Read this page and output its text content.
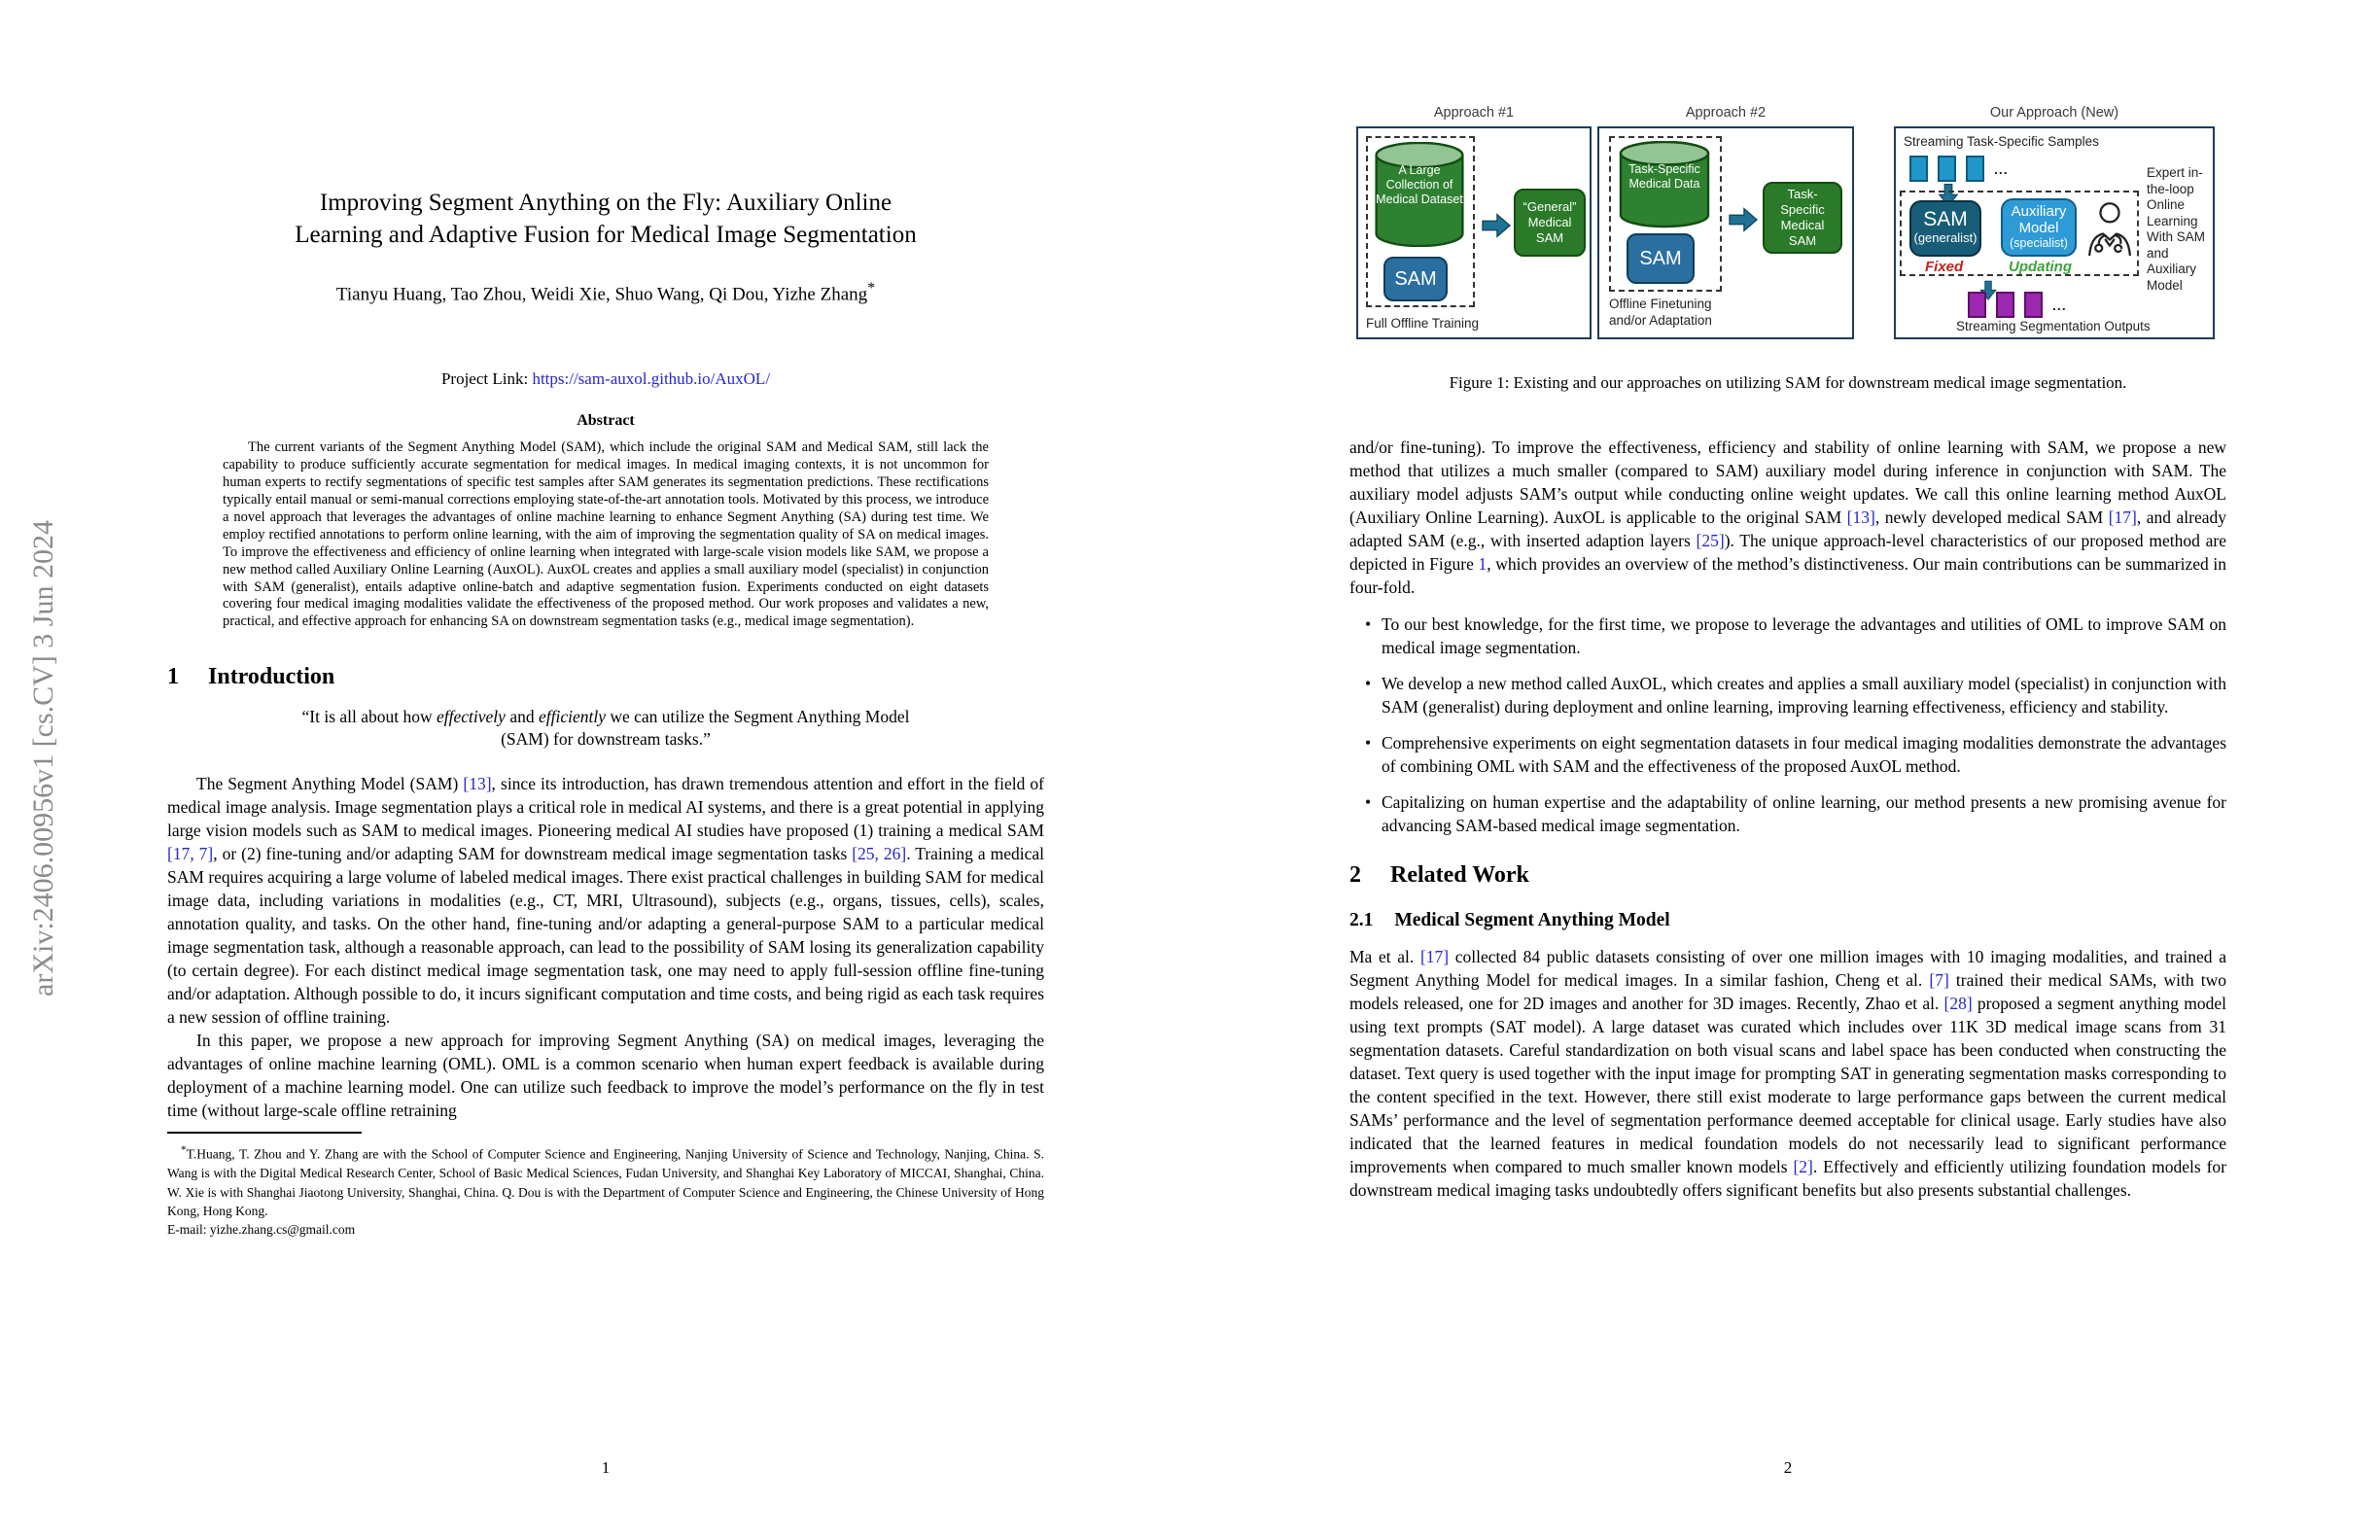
arXiv:2406.00956v1 [cs.CV] 3 Jun 2024
Improving Segment Anything on the Fly: Auxiliary Online
Learning and Adaptive Fusion for Medical Image Segmentation
Tianyu Huang, Tao Zhou, Weidi Xie, Shuo Wang, Qi Dou, Yizhe Zhang*
Project Link: https://sam-auxol.github.io/AuxOL/
Abstract

The current variants of the Segment Anything Model (SAM), which include the original SAM and Medical SAM, still lack the capability to produce sufficiently accurate segmentation for medical images. In medical imaging contexts, it is not uncommon for human experts to rectify segmentations of specific test samples after SAM generates its segmentation predictions. These rectifications typically entail manual or semi-manual corrections employing state-of-the-art annotation tools. Motivated by this process, we introduce a novel approach that leverages the advantages of online machine learning to enhance Segment Anything (SA) during test time. We employ rectified annotations to perform online learning, with the aim of improving the segmentation quality of SA on medical images. To improve the effectiveness and efficiency of online learning when integrated with large-scale vision models like SAM, we propose a new method called Auxiliary Online Learning (AuxOL). AuxOL creates and applies a small auxiliary model (specialist) in conjunction with SAM (generalist), entails adaptive online-batch and adaptive segmentation fusion. Experiments conducted on eight datasets covering four medical imaging modalities validate the effectiveness of the proposed method. Our work proposes and validates a new, practical, and effective approach for enhancing SA on downstream segmentation tasks (e.g., medical image segmentation).

1 Introduction
“It is all about how effectively and efficiently we can utilize the Segment Anything Model
(SAM) for downstream tasks.”

The Segment Anything Model (SAM) [13], since its introduction, has drawn tremendous attention and effort in the field of medical image analysis. Image segmentation plays a critical role in medical AI systems, and there is a great potential in applying large vision models such as SAM to medical images. Pioneering medical AI studies have proposed (1) training a medical SAM [17, 7], or (2) fine-tuning and/or adapting SAM for downstream medical image segmentation tasks [25, 26]. Training a medical SAM requires acquiring a large volume of labeled medical images. There exist practical challenges in building SAM for medical image data, including variations in modalities (e.g., CT, MRI, Ultrasound), subjects (e.g., organs, tissues, cells), scales, annotation quality, and tasks. On the other hand, fine-tuning and/or adapting a general-purpose SAM to a particular medical image segmentation task, although a reasonable approach, can lead to the possibility of SAM losing its generalization capability (to certain degree). For each distinct medical image segmentation task, one may need to apply full-session offline fine-tuning and/or adaptation. Although possible to do, it incurs significant computation and time costs, and being rigid as each task requires a new session of offline training.

In this paper, we propose a new approach for improving Segment Anything (SA) on medical images, leveraging the advantages of online machine learning (OML). OML is a common scenario when human expert feedback is available during deployment of a machine learning model. One can utilize such feedback to improve the model’s performance on the fly in test time (without large-scale offline retraining

*T.Huang, T. Zhou and Y. Zhang are with the School of Computer Science and Engineering, Nanjing University of Science and Technology, Nanjing, China. S. Wang is with the Digital Medical Research Center, School of Basic Medical Sciences, Fudan University, and Shanghai Key Laboratory of MICCAI, Shanghai, China. W. Xie is with Shanghai Jiaotong University, Shanghai, China. Q. Dou is with the Department of Computer Science and Engineering, the Chinese University of Hong Kong, Hong Kong.

E-mail: yizhe.zhang.cs@gmail.com

1
Approach #1	Approach #2	Our Approach (New)
A Large Collection of Medical Dataset
SAM
Full Offline Training
“General” Medical SAM
Task-Specific Medical Data
SAM
Offline Finetuning and/or Adaptation
Task-Specific Medical SAM
Streaming Task-Specific Samples
...
SAM
(generalist)
Fixed
Auxiliary Model
(specialist)
Updating
Expert in-the-loop Online Learning With SAM and Auxiliary Model
...
Streaming Segmentation Outputs
Figure 1: Existing and our approaches on utilizing SAM for downstream medical image segmentation.

and/or fine-tuning). To improve the effectiveness, efficiency and stability of online learning with SAM, we propose a new method that utilizes a much smaller (compared to SAM) auxiliary model during inference in conjunction with SAM. The auxiliary model adjusts SAM’s output while conducting online weight updates. We call this online learning method AuxOL (Auxiliary Online Learning). AuxOL is applicable to the original SAM [13], newly developed medical SAM [17], and already adapted SAM (e.g., with inserted adaption layers [25]). The unique approach-level characteristics of our proposed method are depicted in Figure 1, which provides an overview of the method’s distinctiveness. Our main contributions can be summarized in four-fold.

• To our best knowledge, for the first time, we propose to leverage the advantages and utilities of OML to improve SAM on medical image segmentation.
• We develop a new method called AuxOL, which creates and applies a small auxiliary model (specialist) in conjunction with SAM (generalist) during deployment and online learning, improving learning effectiveness, efficiency and stability.
• Comprehensive experiments on eight segmentation datasets in four medical imaging modalities demonstrate the advantages of combining OML with SAM and the effectiveness of the proposed AuxOL method.
• Capitalizing on human expertise and the adaptability of online learning, our method presents a new promising avenue for advancing SAM-based medical image segmentation.
2 Related Work
2.1 Medical Segment Anything Model

Ma et al. [17] collected 84 public datasets consisting of over one million images with 10 imaging modalities, and trained a Segment Anything Model for medical images. In a similar fashion, Cheng et al. [7] trained their medical SAMs, with two models released, one for 2D images and another for 3D images. Recently, Zhao et al. [28] proposed a segment anything model using text prompts (SAT model). A large dataset was curated which includes over 11K 3D medical image scans from 31 segmentation datasets. Careful standardization on both visual scans and label space has been conducted when constructing the dataset. Text query is used together with the input image for prompting SAT in generating segmentation masks corresponding to the content specified in the text. However, there still exist moderate to large performance gaps between the current medical SAMs’ performance and the level of segmentation performance deemed acceptable for clinical usage. Early studies have also indicated that the learned features in medical foundation models do not necessarily lead to significant performance improvements when compared to much smaller known models [2]. Effectively and efficiently utilizing foundation models for downstream medical imaging tasks undoubtedly offers significant benefits but also presents substantial challenges.

2
